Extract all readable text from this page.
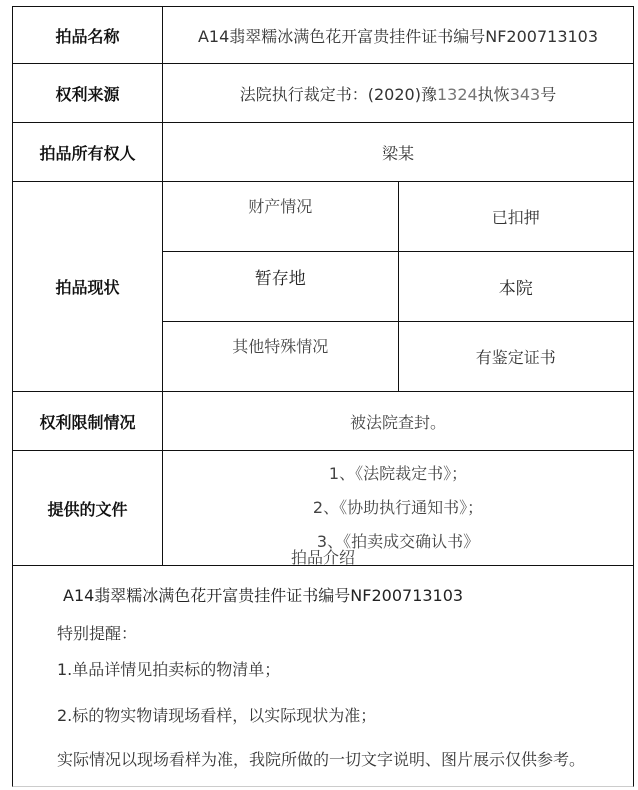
拍品名称	A14翡翠糯冰满色花开富贵挂件证书编号NF200713103	
权利来源	法院执行裁定书：(2020)豫1324执恢343号	
拍品所有权人	梁某	
拍品现状	财产情况	已扣押
	暂存地	本院
	其他特殊情况	有鉴定证书
权利限制情况	被法院查封。	
提供的文件	1、《法院裁定书》；
2、《协助执行通知书》；
3、《拍卖成交确认书》	
拍品介绍
A14翡翠糯冰满色花开富贵挂件证书编号NF200713103
特别提醒：
1.单品详情见拍卖标的物清单；
2.标的物实物请现场看样，以实际现状为准；
实际情况以现场看样为准，我院所做的一切文字说明、图片展示仅供参考。
